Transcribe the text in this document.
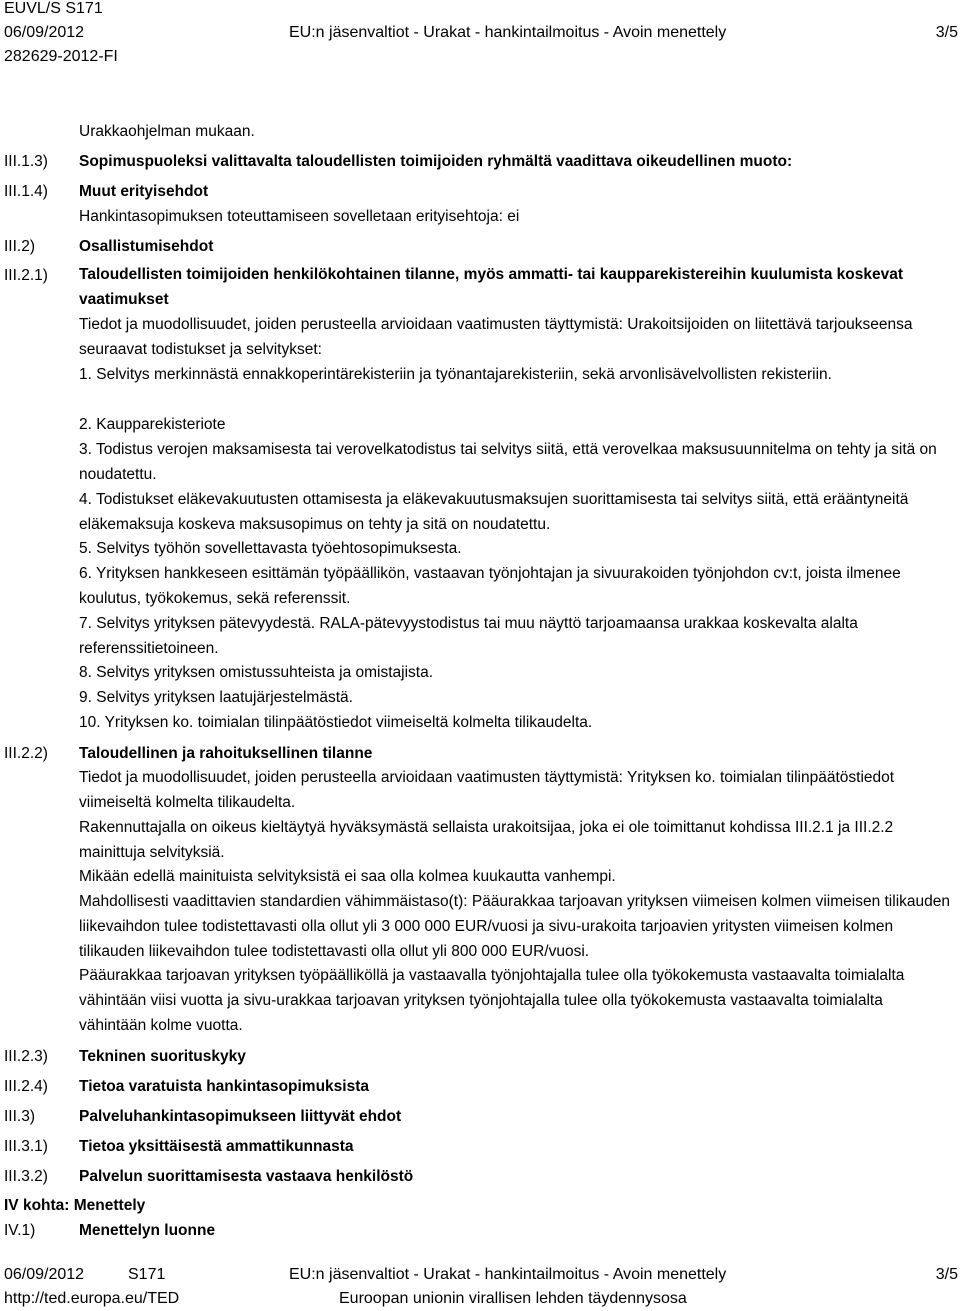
EUVL/S S171
06/09/2012	EU:n jäsenvaltiot - Urakat - hankintailmoitus - Avoin menettely	3/5
282629-2012-FI
Urakkaohjelman mukaan.
III.1.3) Sopimuspuoleksi valittavalta taloudellisten toimijoiden ryhmältä vaadittava oikeudellinen muoto:
III.1.4) Muut erityisehdot
Hankintasopimuksen toteuttamiseen sovelletaan erityisehtoja: ei
III.2)	Osallistumisehdot
III.2.1) Taloudellisten toimijoiden henkilökohtainen tilanne, myös ammatti- tai kaupparekistereihin kuulumista koskevat vaatimukset
Tiedot ja muodollisuudet, joiden perusteella arvioidaan vaatimusten täyttymistä: Urakoitsijoiden on liitettävä tarjoukseensa seuraavat todistukset ja selvitykset:
1. Selvitys merkinnästä ennakkoperintärekisteriin ja työnantajarekisteriin, sekä arvonlisävelvollisten rekisteriin.
2. Kaupparekisteriote
3. Todistus verojen maksamisesta tai verovelkatodistus tai selvitys siitä, että verovelkaa maksusuunnitelma on tehty ja sitä on noudatettu.
4. Todistukset eläkevakuutusten ottamisesta ja eläkevakuutusmaksujen suorittamisesta tai selvitys siitä, että erääntyneitä eläkemaksuja koskeva maksusopimus on tehty ja sitä on noudatettu.
5. Selvitys työhön sovellettavasta työehtosopimuksesta.
6. Yrityksen hankkeseen esittämän työpäällikön, vastaavan työnjohtajan ja sivuurakoiden työnjohdon cv:t, joista ilmenee koulutus, työkokemus, sekä referenssit.
7. Selvitys yrityksen pätevyydestä. RALA-pätevyystodistus tai muu näyttö tarjoamaansa urakkaa koskevalta alalta referenssitietoineen.
8. Selvitys yrityksen omistussuhteista ja omistajista.
9. Selvitys yrityksen laatujärjestelmästä.
10. Yrityksen ko. toimialan tilinpäätöstiedot viimeiseltä kolmelta tilikaudelta.
III.2.2) Taloudellinen ja rahoituksellinen tilanne
Tiedot ja muodollisuudet, joiden perusteella arvioidaan vaatimusten täyttymistä: Yrityksen ko. toimialan tilinpäätöstiedot viimeiseltä kolmelta tilikaudelta.
Rakennuttajalla on oikeus kieltäytyä hyväksymästä sellaista urakoitsijaa, joka ei ole toimittanut kohdissa III.2.1 ja III.2.2 mainittuja selvityksiä.
Mikään edellä mainituista selvityksistä ei saa olla kolmea kuukautta vanhempi.
Mahdollisesti vaadittavien standardien vähimmäistaso(t): Pääurakkaa tarjoavan yrityksen viimeisen kolmen viimeisen tilikauden liikevaihdon tulee todistettavasti olla ollut yli 3 000 000 EUR/vuosi ja sivu-urakoita tarjoavien yritysten viimeisen kolmen tilikauden liikevaihdon tulee todistettavasti olla ollut yli 800 000 EUR/vuosi.
Pääurakkaa tarjoavan yrityksen työpäälliköllä ja vastaavalla työnjohtajalla tulee olla työkokemusta vastaavalta toimialalta vähintään viisi vuotta ja sivu-urakkaa tarjoavan yrityksen työnjohtajalla tulee olla työkokemusta vastaavalta toimialalta vähintään kolme vuotta.
III.2.3) Tekninen suorituskyky
III.2.4) Tietoa varatuista hankintasopimuksista
III.3)	Palveluhankintasopimukseen liittyvät ehdot
III.3.1) Tietoa yksittäisestä ammattikunnasta
III.3.2) Palvelun suorittamisesta vastaava henkilöstö
IV kohta: Menettely
IV.1)	Menettelyn luonne
06/09/2012	S171	EU:n jäsenvaltiot - Urakat - hankintailmoitus - Avoin menettely	3/5
http://ted.europa.eu/TED	Euroopan unionin virallisen lehden täydennysosa
